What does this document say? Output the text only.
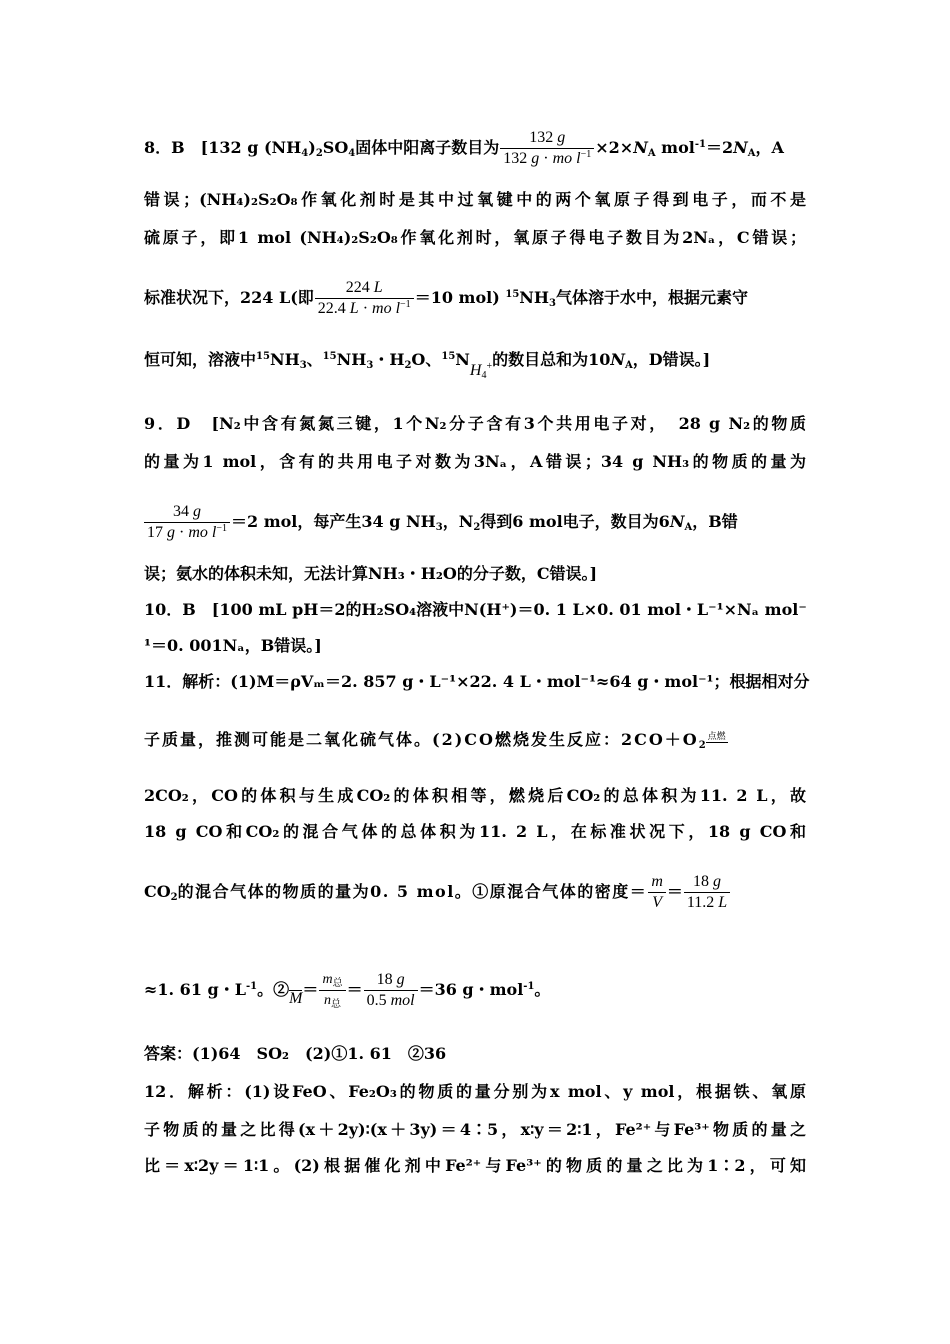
8．B　[132 g $(NH_4)_2SO_4$固体中阳离子数目为 $\frac{132 g}{132 g \cdot mo l^{-1}} \times 2\times N_A$ $mol^{-1}=2N_A$，A
错误；(NH₄)₂S₂O₈作氧化剂时是其中过氧键中的两个氧原子得到电子，而不是
硫原子，即1 mol (NH₄)₂S₂O₈作氧化剂时，氧原子得电子数目为2Nₐ，C错误；
标准状况下，224 L(即 $\frac{224 L}{22.4 L \cdot mo l^{-1}} =10$ mol) $^{15}NH_3$气体溶于水中，根据元素守
恒可知，溶液中$^{15}NH_3$、$^{15}NH_3$・$H_2O$、$^{15}NH_4^+$的数目总和为$10N_A$，D错误。]
9．D　[N₂中含有氮氮三键，1个N₂分子含有3个共用电子对，　28 g N₂的物质
的量为1 mol，含有的共用电子对数为3Nₐ，A错误；34 g NH₃的物质的量为
$\frac{34 g}{17 g \cdot mo l^{-1}} =2$ mol，每产生34 g $NH_3$，$N_2$得到6 mol电子，数目为$6N_A$，B错
误；氨水的体积未知，无法计算NH₃・H₂O的分子数，C错误。]
10．B　[100 mL pH＝2的H₂SO₄溶液中N(H⁺)＝0. 1 L×0. 01 mol・L⁻¹×Nₐ mol⁻
¹＝0. 001Nₐ，B错误。]
11．解析：(1)M＝ρVₘ＝2. 857 g・L⁻¹×22. 4 L・mol⁻¹≈64 g・mol⁻¹；根据相对分
子质量，推测可能是二氧化硫气体。(2)CO燃烧发生反应：$2CO+O_2$
点燃
2CO₂，CO的体积与生成CO₂的体积相等，燃烧后CO₂的总体积为11. 2 L，故
18 g CO和CO₂的混合气体的总体积为11. 2 L，在标准状况下，18 g CO和
$CO_2$的混合气体的物质的量为0. 5 mol。①原混合气体的密度＝ $\frac{m}{V} = \frac{18 g}{11.2 L}$
≈1. 61 g・$L^{-1}$。②M＝ $\frac{m_总}{n_总} = \frac{18 g}{\text{0.5 mol}} =36$ g・mol$^{-1}$。
答案：(1)64　SO₂　(2)①1. 61　②36
12．解析：(1)设FeO、Fe₂O₃的物质的量分别为x mol、y mol，根据铁、氧原
子物质的量之比得(x＋2y)∶(x＋3y)＝4∶5，x∶y＝2∶1，Fe²⁺与Fe³⁺物质的量之
比＝x∶2y＝1∶1。(2)根据催化剂中Fe²⁺与Fe³⁺的物质的量之比为1∶2，可知
